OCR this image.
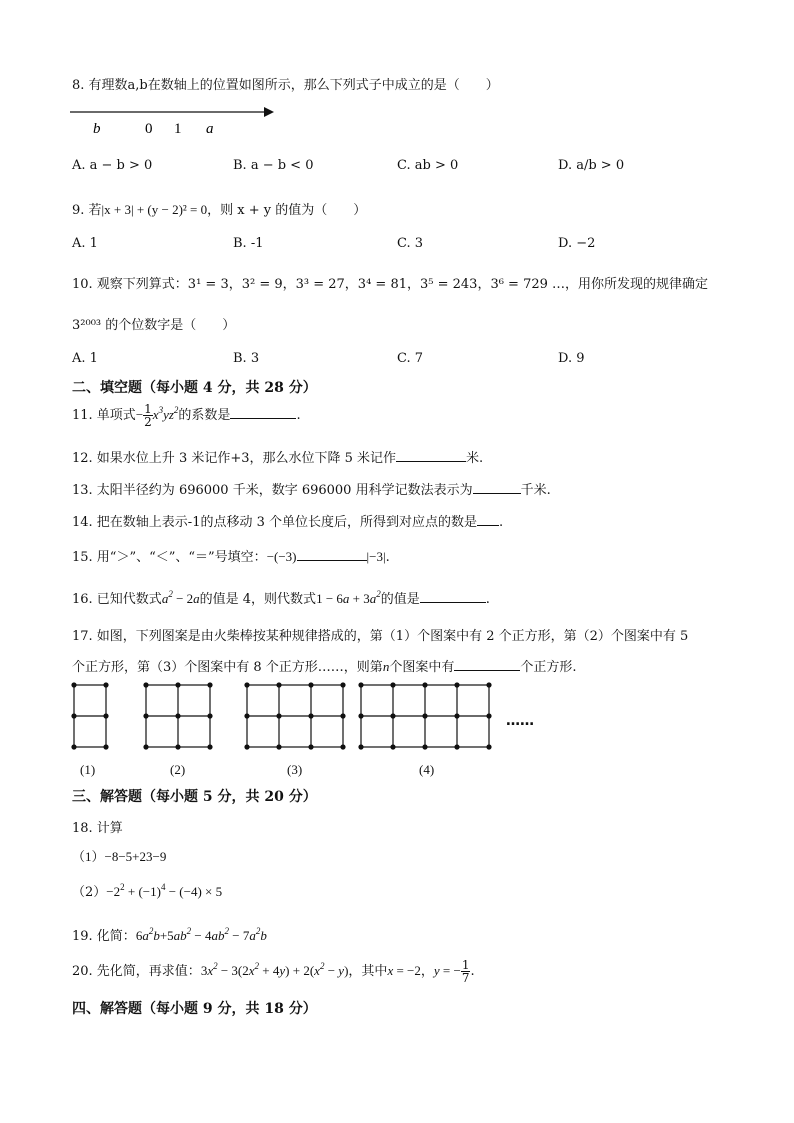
8. 有理数a,b在数轴上的位置如图所示，那么下列式子中成立的是（　　）
b	0 1 a
A. a − b > 0	B. a − b < 0	C. ab > 0	D. a/b > 0
9. 若|x + 3| + (y − 2)² = 0，则 x + y 的值为（　　）
A. 1	B. -1	C. 3	D. −2
10. 观察下列算式：3¹ = 3，3² = 9，3³ = 27，3⁴ = 81，3⁵ = 243，3⁶ = 729 …，用你所发现的规律确定
3²⁰⁰³ 的个位数字是（　　）
A. 1	B. 3	C. 7	D. 9
二、填空题（每小题 4 分，共 28 分）
11. 单项式− $\frac{1}{2} x^3yz^2$的系数是	.
12. 如果水位上升 3 米记作+3，那么水位下降 5 米记作	米.
13. 太阳半径约为 696000 千米，数字 696000 用科学记数法表示为	千米.
14. 把在数轴上表示-1的点移动 3 个单位长度后，所得到对应点的数是 .
15. 用“＞”、“＜”、“＝”号填空：−(−3)	|−3|.
16. 已知代数式$a^2 - 2a$的值是 4，则代数式$1 - 6a + 3a^2$的值是	.
17. 如图，下列图案是由火柴棒按某种规律搭成的，第（1）个图案中有 2 个正方形，第（2）个图案中有 5
个正方形，第（3）个图案中有 8 个正方形……，则第n个图案中有	个正方形.
……
(1)	(2)	(3)	(4)
三、解答题（每小题 5 分，共 20 分）
18. 计算
（1）−8−5+23−9
$(2)-2^2 + (-1)^4 - (-4) \times 5$
19. 化简：$6a^2b+5ab^2 - 4ab^2 - 7a^2b$
20. 先化简，再求值：$3x^2 - 3(2x^2 + 4y) + 2(x^2 - y)$，其中x = −2，y = − $\frac{1}{7}$ .
四、解答题（每小题 9 分，共 18 分）
